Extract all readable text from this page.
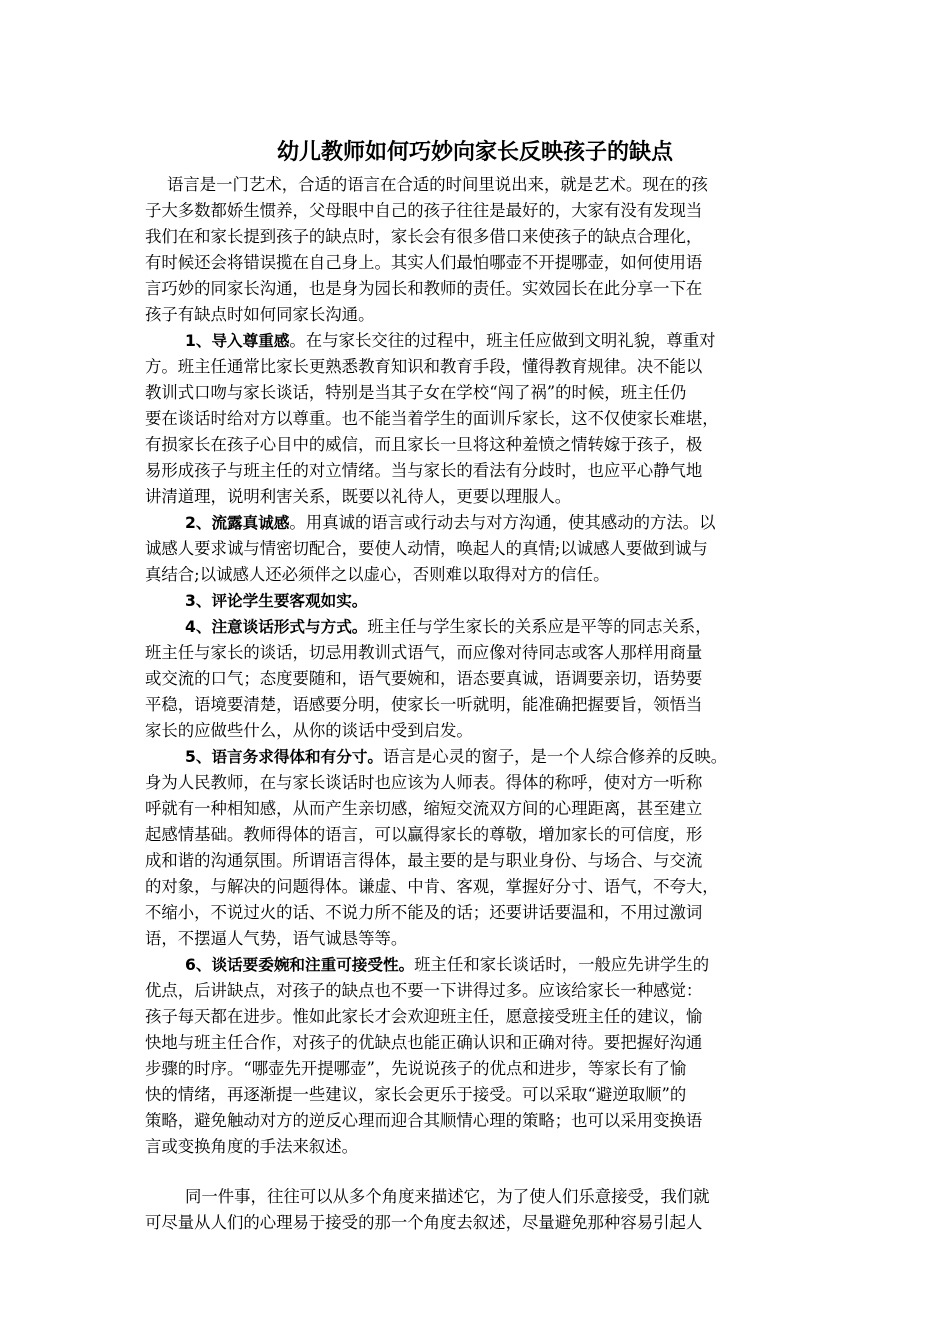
幼儿教师如何巧妙向家长反映孩子的缺点
语言是一门艺术，合适的语言在合适的时间里说出来，就是艺术。现在的孩
子大多数都娇生惯养，父母眼中自己的孩子往往是最好的，大家有没有发现当
我们在和家长提到孩子的缺点时，家长会有很多借口来使孩子的缺点合理化，
有时候还会将错误揽在自己身上。其实人们最怕哪壶不开提哪壶，如何使用语
言巧妙的同家长沟通，也是身为园长和教师的责任。实效园长在此分享一下在
孩子有缺点时如何同家长沟通。
1、导入尊重感。在与家长交往的过程中，班主任应做到文明礼貌，尊重对
方。班主任通常比家长更熟悉教育知识和教育手段，懂得教育规律。决不能以
教训式口吻与家长谈话，特别是当其子女在学校“闯了祸”的时候，班主任仍
要在谈话时给对方以尊重。也不能当着学生的面训斥家长，这不仅使家长难堪，
有损家长在孩子心目中的威信，而且家长一旦将这种羞愤之情转嫁于孩子，极
易形成孩子与班主任的对立情绪。当与家长的看法有分歧时，也应平心静气地
讲清道理，说明利害关系，既要以礼待人，更要以理服人。
2、流露真诚感。用真诚的语言或行动去与对方沟通，使其感动的方法。以
诚感人要求诚与情密切配合，要使人动情，唤起人的真情;以诚感人要做到诚与
真结合;以诚感人还必须伴之以虚心，否则难以取得对方的信任。
3、评论学生要客观如实。
4、注意谈话形式与方式。班主任与学生家长的关系应是平等的同志关系，
班主任与家长的谈话，切忌用教训式语气，而应像对待同志或客人那样用商量
或交流的口气；态度要随和，语气要婉和，语态要真诚，语调要亲切，语势要
平稳，语境要清楚，语感要分明，使家长一听就明，能准确把握要旨，领悟当
家长的应做些什么，从你的谈话中受到启发。
5、语言务求得体和有分寸。语言是心灵的窗子，是一个人综合修养的反映。
身为人民教师，在与家长谈话时也应该为人师表。得体的称呼，使对方一听称
呼就有一种相知感，从而产生亲切感，缩短交流双方间的心理距离，甚至建立
起感情基础。教师得体的语言，可以赢得家长的尊敬，增加家长的可信度，形
成和谐的沟通氛围。所谓语言得体，最主要的是与职业身份、与场合、与交流
的对象，与解决的问题得体。谦虚、中肯、客观，掌握好分寸、语气，不夸大，
不缩小，不说过火的话、不说力所不能及的话；还要讲话要温和，不用过激词
语，不摆逼人气势，语气诚恳等等。
6、谈话要委婉和注重可接受性。班主任和家长谈话时，一般应先讲学生的
优点，后讲缺点，对孩子的缺点也不要一下讲得过多。应该给家长一种感觉：
孩子每天都在进步。惟如此家长才会欢迎班主任，愿意接受班主任的建议，愉
快地与班主任合作，对孩子的优缺点也能正确认识和正确对待。要把握好沟通
步骤的时序。“哪壶先开提哪壶”，先说说孩子的优点和进步，等家长有了愉
快的情绪，再逐渐提一些建议，家长会更乐于接受。可以采取“避逆取顺”的
策略，避免触动对方的逆反心理而迎合其顺情心理的策略；也可以采用变换语
言或变换角度的手法来叙述。
同一件事，往往可以从多个角度来描述它，为了使人们乐意接受，我们就
可尽量从人们的心理易于接受的那一个角度去叙述，尽量避免那种容易引起人
